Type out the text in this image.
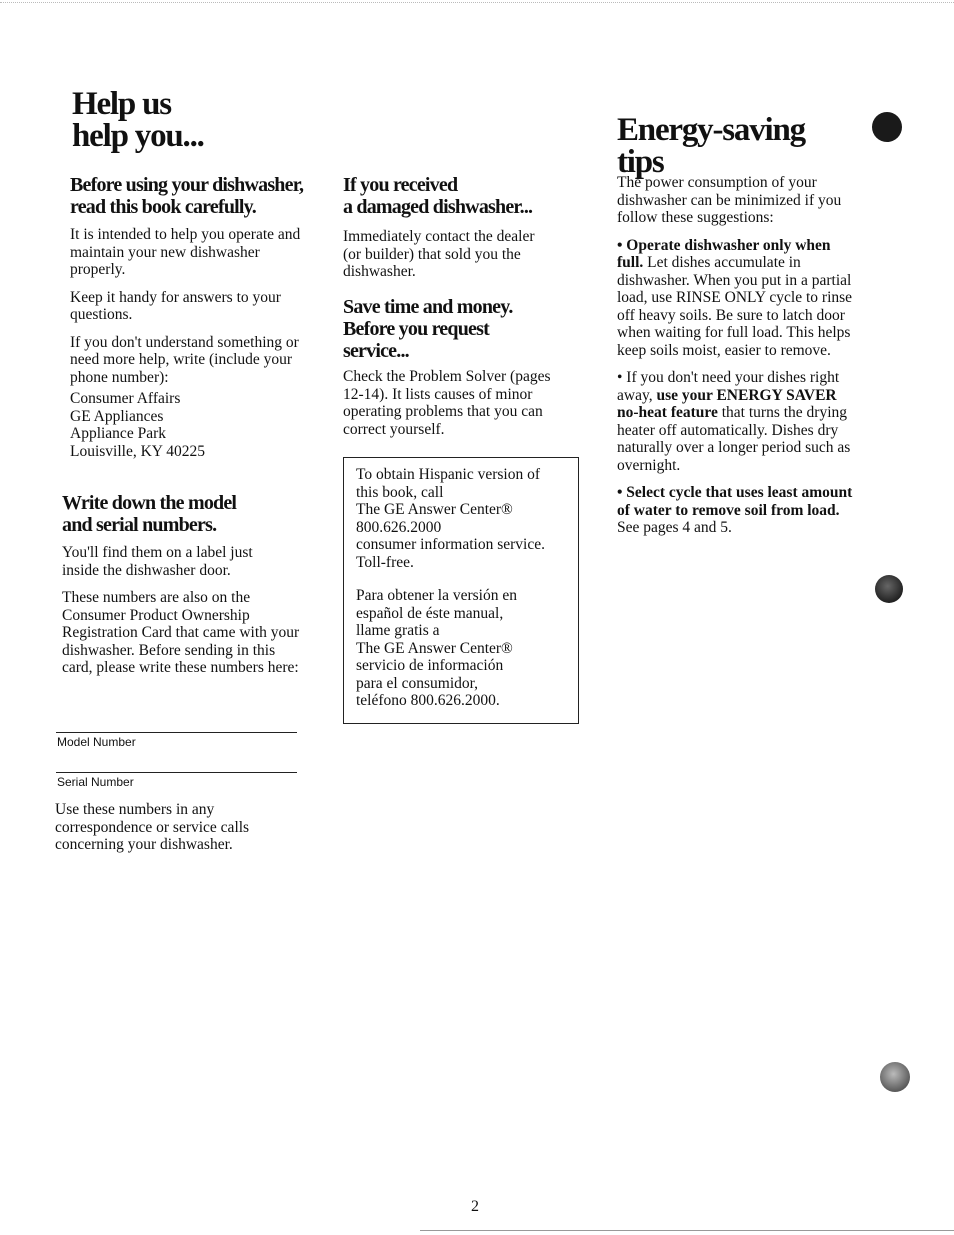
Help us
help you...
Before using your dishwasher,
read this book carefully.

It is intended to help you operate and maintain your new dishwasher properly.

Keep it handy for answers to your questions.

If you don't understand something or need more help, write (include your phone number):

Consumer Affairs
GE Appliances
Appliance Park
Louisville, KY 40225
Write down the model
and serial numbers.

You'll find them on a label just inside the dishwasher door.

These numbers are also on the Consumer Product Ownership Registration Card that came with your dishwasher. Before sending in this card, please write these numbers here:

Model Number
Serial Number

Use these numbers in any correspondence or service calls concerning your dishwasher.

If you received
a damaged dishwasher...

Immediately contact the dealer (or builder) that sold you the dishwasher.

Save time and money.
Before you request
service...

Check the Problem Solver (pages 12-14). It lists causes of minor operating problems that you can correct yourself.

To obtain Hispanic version of
this book, call
The GE Answer Center®
800.626.2000
consumer information service.
Toll-free.
Para obtener la versión en
español de éste manual,
llame gratis a
The GE Answer Center®
servicio de información
para el consumidor,
teléfono 800.626.2000.
Energy-saving tips

The power consumption of your dishwasher can be minimized if you follow these suggestions:

• Operate dishwasher only when full. Let dishes accumulate in dishwasher. When you put in a partial load, use RINSE ONLY cycle to rinse off heavy soils. Be sure to latch door when waiting for full load. This helps keep soils moist, easier to remove.

• If you don't need your dishes right away, use your ENERGY SAVER no-heat feature that turns the drying heater off automatically. Dishes dry naturally over a longer period such as overnight.

• Select cycle that uses least amount of water to remove soil from load. See pages 4 and 5.

2
